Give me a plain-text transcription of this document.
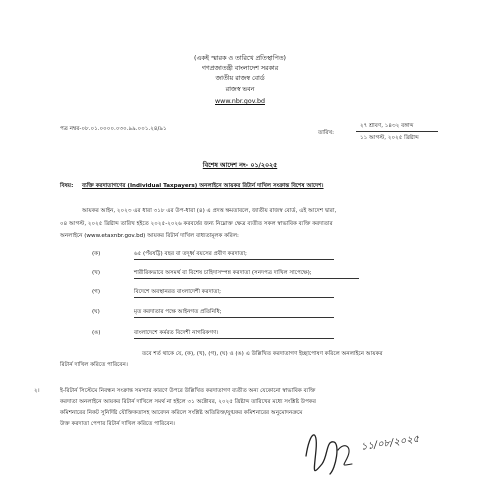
(একই স্মারক ও তারিখে প্রতিস্থাপিত)
গণপ্রজাতন্ত্রী বাংলাদেশ সরকার
জাতীয় রাজস্ব বোর্ড
রাজস্ব ভবন
www.nbr.gov.bd
পত্র নম্বর-০৮.০১.০০০০.০৩০.৯৯.০০১.২৪/৯১
তারিখ:
২৭ শ্রাবণ, ১৪৩২ বঙ্গাব্দ
১১ আগস্ট, ২০২৫ খ্রিষ্টাব্দ
বিশেষ আদেশ নং- ০১/২০২৫
বিষয়: ব্যক্তি করদাতাগণের (Individual Taxpayers) অনলাইনে আয়কর রিটার্ন দাখিল সংক্রান্ত বিশেষ আদেশ।
আয়কর আইন, ২০২৩ এর ধারা ৩১৮ এর উপ-ধারা (৪) এ প্রদত্ত ক্ষমতাবলে, জাতীয় রাজস্ব বোর্ড, এই আদেশ দ্বারা,
০৪ আগস্ট, ২০২৫ খ্রিষ্টাব্দ তারিখ হইতে ২০২৫-২০২৬ করবর্ষের জন্য নিম্নোক্ত ক্ষেত্র ব্যতীত সকল স্বাভাবিক ব্যক্তি করদাতার
অনলাইনে (www.etaxnbr.gov.bd) আয়কর রিটার্ন দাখিল বাধ্যতামূলক করিল:
(ক)	৬৫ (পঁয়ষট্টি) বছর বা তদূর্ধ্ব বয়সের প্রবীণ করদাতা;
(খ)	শারীরিকভাবে অসমর্থ বা বিশেষ চাহিদাসম্পন্ন করদাতা (সনদপত্র দাখিল সাপেক্ষে);
(গ)	বিদেশে অবস্থানরত বাংলাদেশী করদাতা;
(ঘ)	মৃত করদাতার পক্ষে আইনগত প্রতিনিধি;
(ঙ)	বাংলাদেশে কর্মরত বিদেশী নাগরিকগণ।
তবে শর্ত থাকে যে, (ক), (খ), (গ), (ঘ) ও (ঙ) এ উল্লিখিত করদাতাগণ ইচ্ছাপোষণ করিলে অনলাইনে আয়কর
রিটার্ন দাখিল করিতে পারিবেন।
২।	ই-রিটার্ন সিস্টেমে নিবন্ধন সংক্রান্ত সমস্যার কারণে উপরে উল্লিখিত করদাতাগণ ব্যতীত অন্য যেকোনো স্বাভাবিক ব্যক্তি
করদাতা অনলাইনে আয়কর রিটার্ন দাখিলে সমর্থ না হইলে ৩১ অক্টোবর, ২০২৫ খ্রিষ্টাব্দ তারিখের মধ্যে সংশ্লিষ্ট উপকর
কমিশনারের নিকট সুনির্দিষ্ট যৌক্তিকতাসহ আবেদন করিলে সংশ্লিষ্ট অতিরিক্ত/যুগ্মকর কমিশনারের অনুমোদনক্রমে
উক্ত করদাতা পেপার রিটার্ন দাখিল করিতে পারিবেন।
১১/০৮/২০২৫
